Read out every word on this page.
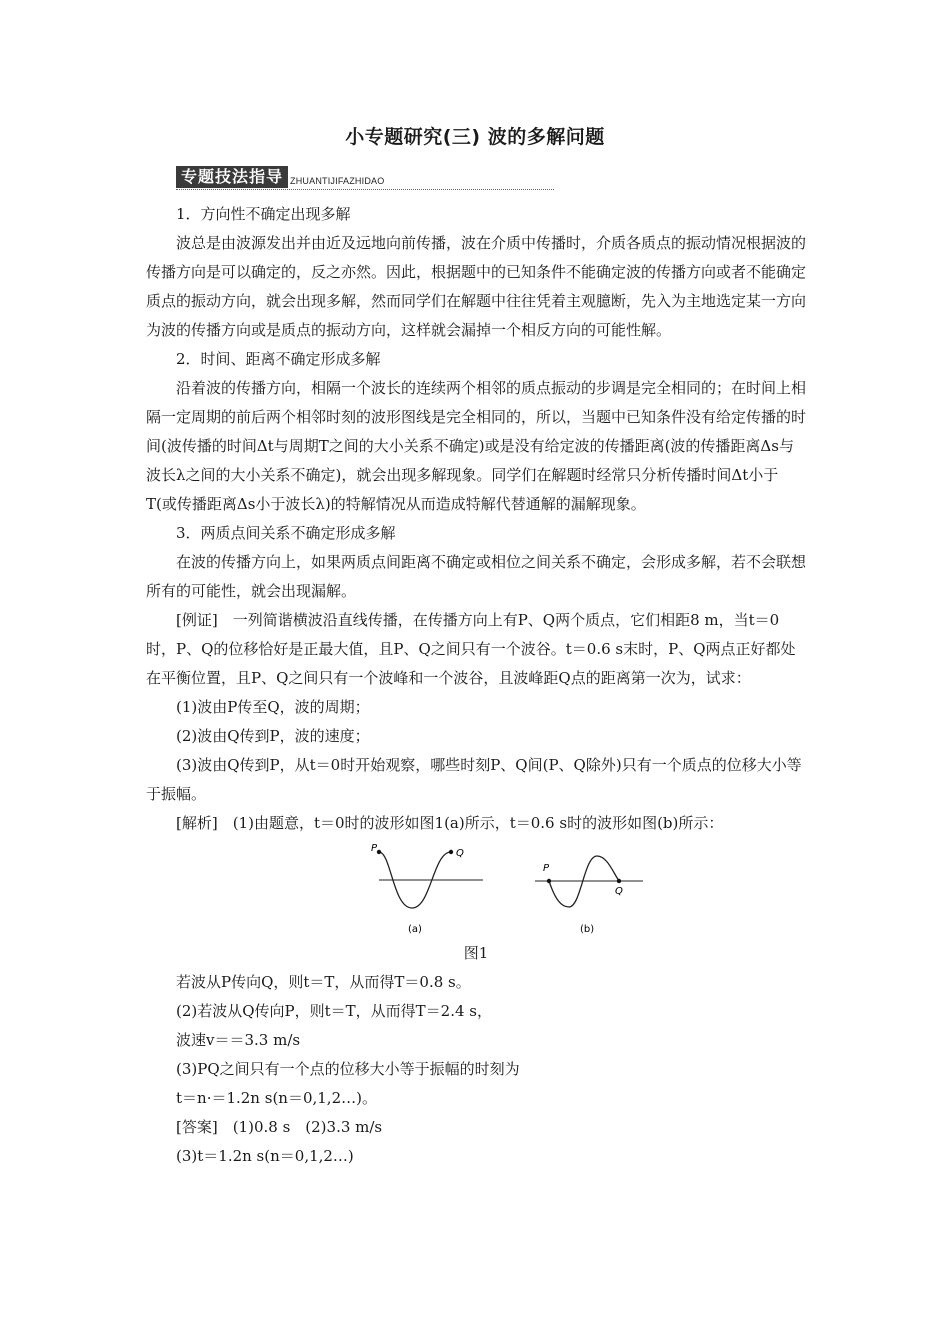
小专题研究(三) 波的多解问题
专题技法指导 ZHUANTIJIFAZHIDAO

1．方向性不确定出现多解

波总是由波源发出并由近及远地向前传播，波在介质中传播时，介质各质点的振动情况根据波的传播方向是可以确定的，反之亦然。因此，根据题中的已知条件不能确定波的传播方向或者不能确定质点的振动方向，就会出现多解，然而同学们在解题中往往凭着主观臆断，先入为主地选定某一方向为波的传播方向或是质点的振动方向，这样就会漏掉一个相反方向的可能性解。

2．时间、距离不确定形成多解

沿着波的传播方向，相隔一个波长的连续两个相邻的质点振动的步调是完全相同的；在时间上相隔一定周期的前后两个相邻时刻的波形图线是完全相同的，所以，当题中已知条件没有给定传播的时间(波传播的时间Δt与周期T之间的大小关系不确定)或是没有给定波的传播距离(波的传播距离Δs与波长λ之间的大小关系不确定)，就会出现多解现象。同学们在解题时经常只分析传播时间Δt小于T(或传播距离Δs小于波长λ)的特解情况从而造成特解代替通解的漏解现象。

3．两质点间关系不确定形成多解

在波的传播方向上，如果两质点间距离不确定或相位之间关系不确定，会形成多解，若不会联想所有的可能性，就会出现漏解。

[例证]　一列简谐横波沿直线传播，在传播方向上有P、Q两个质点，它们相距8 m，当t＝0时，P、Q的位移恰好是正最大值，且P、Q之间只有一个波谷。t＝0.6 s末时，P、Q两点正好都处在平衡位置，且P、Q之间只有一个波峰和一个波谷，且波峰距Q点的距离第一次为，试求：

(1)波由P传至Q，波的周期；

(2)波由Q传到P，波的速度；

(3)波由Q传到P，从t＝0时开始观察，哪些时刻P、Q间(P、Q除外)只有一个质点的位移大小等于振幅。

[解析]　(1)由题意，t＝0时的波形如图1(a)所示，t＝0.6 s时的波形如图(b)所示：

P	Q
(a)
P
Q
(b)

图1

若波从P传向Q，则t＝T，从而得T＝0.8 s。

(2)若波从Q传向P，则t＝T，从而得T＝2.4 s，

波速v＝＝3.3 m/s

(3)PQ之间只有一个点的位移大小等于振幅的时刻为

t＝n·＝1.2n s(n＝0,1,2…)。

[答案]　(1)0.8 s　(2)3.3 m/s

(3)t＝1.2n s(n＝0,1,2…)
